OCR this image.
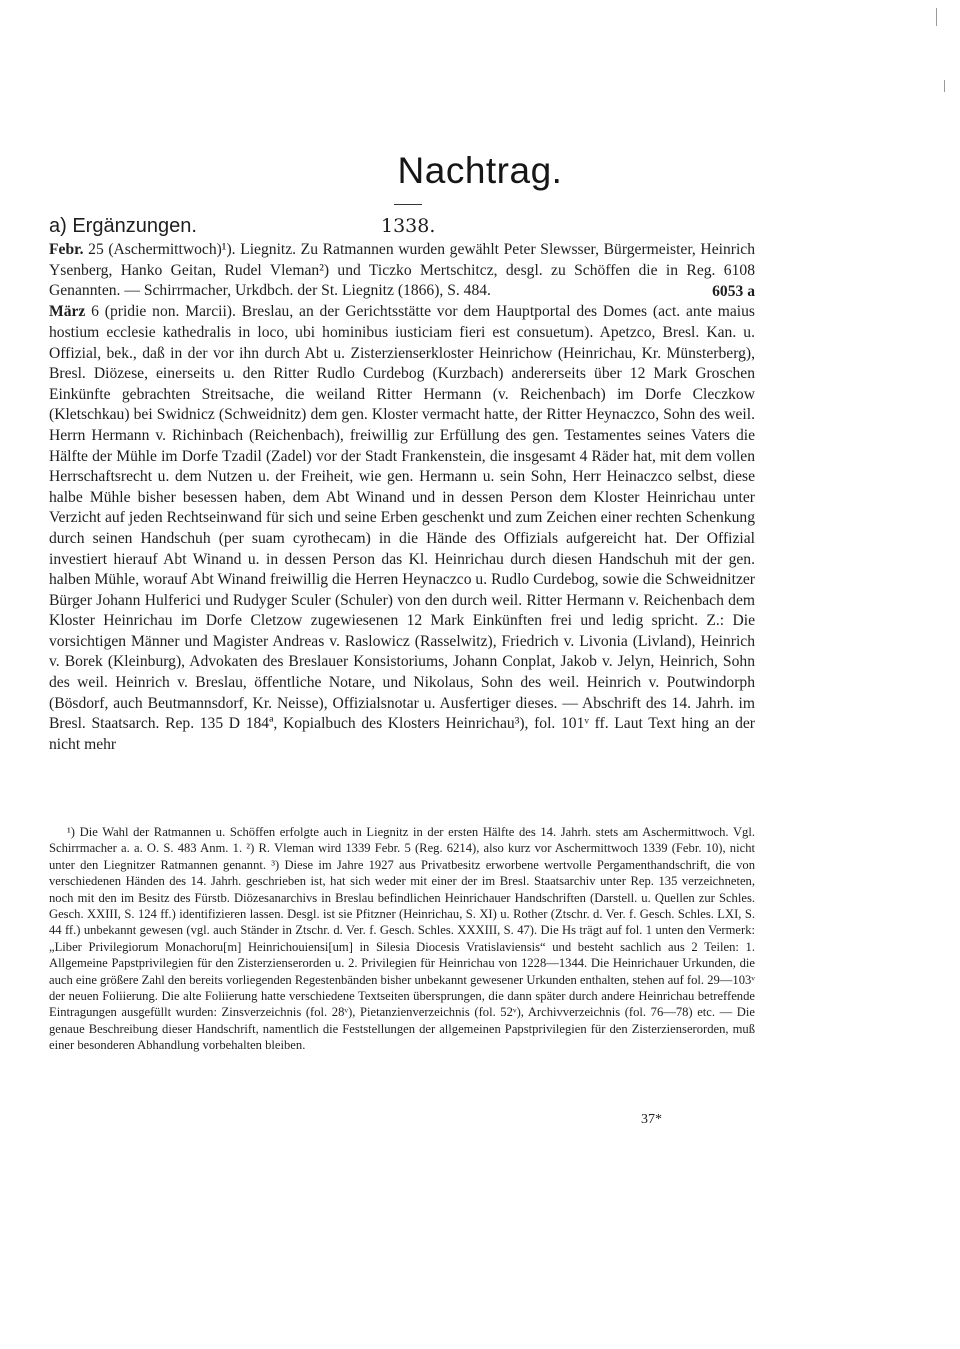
Nachtrag.
a) Ergänzungen.	1338.

Febr. 25 (Aschermittwoch)¹). Liegnitz. Zu Ratmannen wurden gewählt Peter Slewsser, Bürgermeister, Heinrich Ysenberg, Hanko Geitan, Rudel Vleman²) und Ticzko Mertschitcz, desgl. zu Schöffen die in Reg. 6108 Genannten. — Schirrmacher, Urkdbch. der St. Liegnitz (1866), S. 484.	6053 a

März 6 (pridie non. Marcii). Breslau, an der Gerichtsstätte vor dem Hauptportal des Domes (act. ante maius hostium ecclesie kathedralis in loco, ubi hominibus iusticiam fieri est consuetum). Apetzco, Bresl. Kan. u. Offizial, bek., daß in der vor ihn durch Abt u. Zisterzienserkloster Heinrichow (Heinrichau, Kr. Münsterberg), Bresl. Diözese, einerseits u. den Ritter Rudlo Curdebog (Kurzbach) andererseits über 12 Mark Groschen Einkünfte gebrachten Streitsache, die weiland Ritter Hermann (v. Reichenbach) im Dorfe Cleczkow (Kletschkau) bei Swidnicz (Schweidnitz) dem gen. Kloster vermacht hatte, der Ritter Heynaczco, Sohn des weil. Herrn Hermann v. Richinbach (Reichenbach), freiwillig zur Erfüllung des gen. Testamentes seines Vaters die Hälfte der Mühle im Dorfe Tzadil (Zadel) vor der Stadt Frankenstein, die insgesamt 4 Räder hat, mit dem vollen Herrschaftsrecht u. dem Nutzen u. der Freiheit, wie gen. Hermann u. sein Sohn, Herr Heinaczco selbst, diese halbe Mühle bisher besessen haben, dem Abt Winand und in dessen Person dem Kloster Heinrichau unter Verzicht auf jeden Rechtseinwand für sich und seine Erben geschenkt und zum Zeichen einer rechten Schenkung durch seinen Handschuh (per suam cyrothecam) in die Hände des Offizials aufgereicht hat. Der Offizial investiert hierauf Abt Winand u. in dessen Person das Kl. Heinrichau durch diesen Handschuh mit der gen. halben Mühle, worauf Abt Winand freiwillig die Herren Heynaczco u. Rudlo Curdebog, sowie die Schweidnitzer Bürger Johann Hulferici und Rudyger Sculer (Schuler) von den durch weil. Ritter Hermann v. Reichenbach dem Kloster Heinrichau im Dorfe Cletzow zugewiesenen 12 Mark Einkünften frei und ledig spricht. Z.: Die vorsichtigen Männer und Magister Andreas v. Raslowicz (Rasselwitz), Friedrich v. Livonia (Livland), Heinrich v. Borek (Kleinburg), Advokaten des Breslauer Konsistoriums, Johann Conplat, Jakob v. Jelyn, Heinrich, Sohn des weil. Heinrich v. Breslau, öffentliche Notare, und Nikolaus, Sohn des weil. Heinrich v. Poutwindorph (Bösdorf, auch Beutmannsdorf, Kr. Neisse), Offizialsnotar u. Ausfertiger dieses. — Abschrift des 14. Jahrh. im Bresl. Staatsarch. Rep. 135 D 184ª, Kopialbuch des Klosters Heinrichau³), fol. 101ᵛ ff. Laut Text hing an der nicht mehr

¹) Die Wahl der Ratmannen u. Schöffen erfolgte auch in Liegnitz in der ersten Hälfte des 14. Jahrh. stets am Aschermittwoch. Vgl. Schirrmacher a. a. O. S. 483 Anm. 1. ²) R. Vleman wird 1339 Febr. 5 (Reg. 6214), also kurz vor Aschermittwoch 1339 (Febr. 10), nicht unter den Liegnitzer Ratmannen genannt. ³) Diese im Jahre 1927 aus Privatbesitz erworbene wertvolle Pergamenthandschrift, die von verschiedenen Händen des 14. Jahrh. geschrieben ist, hat sich weder mit einer der im Bresl. Staatsarchiv unter Rep. 135 verzeichneten, noch mit den im Besitz des Fürstb. Diözesanarchivs in Breslau befindlichen Heinrichauer Handschriften (Darstell. u. Quellen zur Schles. Gesch. XXIII, S. 124 ff.) identifizieren lassen. Desgl. ist sie Pfitzner (Heinrichau, S. XI) u. Rother (Ztschr. d. Ver. f. Gesch. Schles. LXI, S. 44 ff.) unbekannt gewesen (vgl. auch Ständer in Ztschr. d. Ver. f. Gesch. Schles. XXXIII, S. 47). Die Hs trägt auf fol. 1 unten den Vermerk: „Liber Privilegiorum Monachoru[m] Heinrichouiensi[um] in Silesia Diocesis Vratislaviensis“ und besteht sachlich aus 2 Teilen: 1. Allgemeine Papstprivilegien für den Zisterzienserorden u. 2. Privilegien für Heinrichau von 1228—1344. Die Heinrichauer Urkunden, die auch eine größere Zahl den bereits vorliegenden Regestenbänden bisher unbekannt gewesener Urkunden enthalten, stehen auf fol. 29—103ᵛ der neuen Foliierung. Die alte Foliierung hatte verschiedene Textseiten übersprungen, die dann später durch andere Heinrichau betreffende Eintragungen ausgefüllt wurden: Zinsverzeichnis (fol. 28ᵛ), Pietanzienverzeichnis (fol. 52ᵛ), Archivverzeichnis (fol. 76—78) etc. — Die genaue Beschreibung dieser Handschrift, namentlich die Feststellungen der allgemeinen Papstprivilegien für den Zisterzienserorden, muß einer besonderen Abhandlung vorbehalten bleiben.

37*
